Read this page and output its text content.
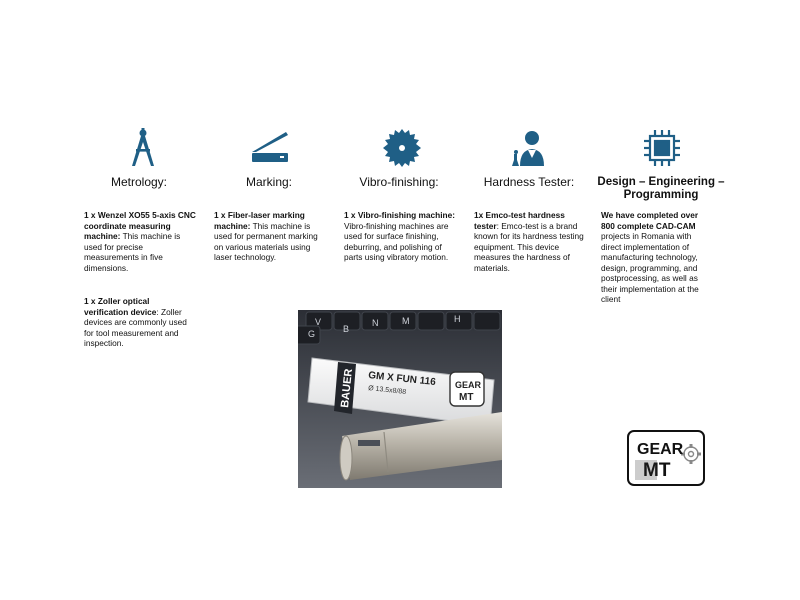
Metrology:
1 x Wenzel XO55 5-axis CNC coordinate measuring machine: This machine is used for precise measurements in five dimensions.
1 x Zoller optical verification device: Zoller devices are commonly used for tool measurement and inspection.
Marking:
1 x Fiber-laser marking machine: This machine is used for permanent marking on various materials using laser technology.
Vibro-finishing:
1 x Vibro-finishing machine: Vibro-finishing machines are used for surface finishing, deburring, and polishing of parts using vibratory motion.
Hardness Tester:
1x Emco-test hardness tester: Emco-test is a brand known for its hardness testing equipment. This device measures the hardness of materials.
Design – Engineering – Programming
We have completed over 800 complete CAD-CAM projects in Romania with direct implementation of manufacturing technology, design, programming, and postprocessing, as well as their implementation at the client
V
B
N	M
G
H
BAUER GM X FUN 116
Ø 13.5x8/88
GEAR
MT
GEAR
MT
